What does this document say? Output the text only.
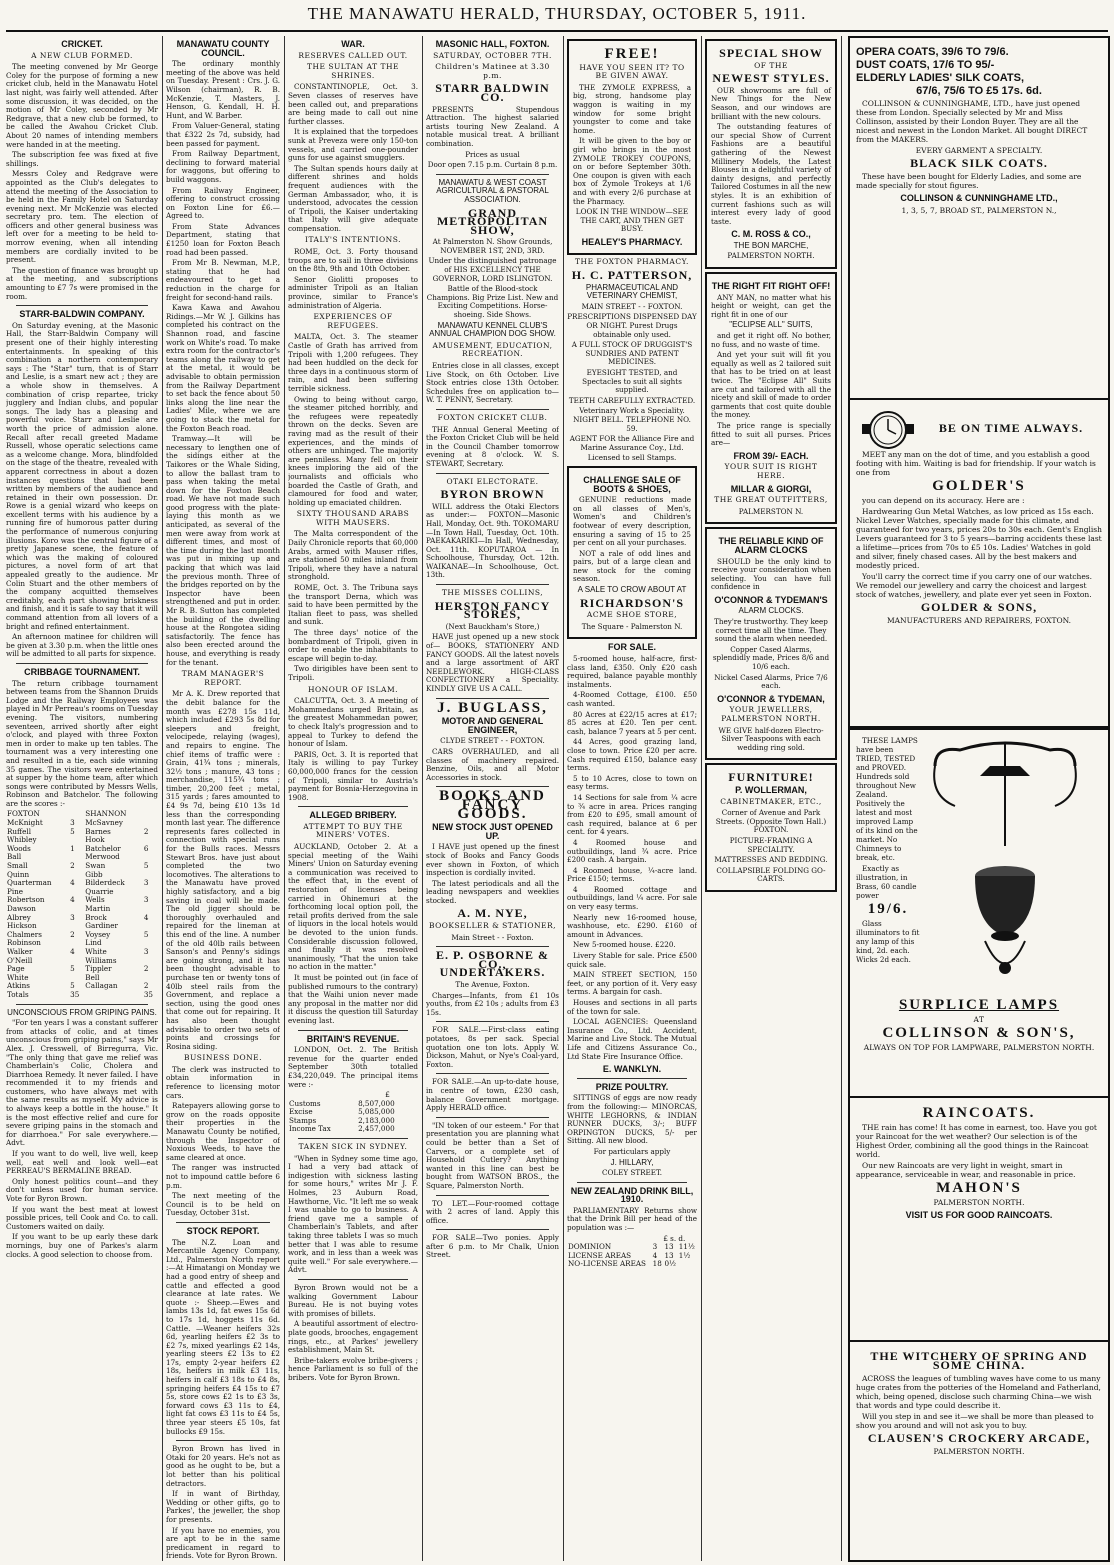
THE MANAWATU HERALD, THURSDAY, OCTOBER 5, 1911.
CRICKET.
A NEW CLUB FORMED.

The meeting convened by Mr George Coley for the purpose of forming a new cricket club, held in the Manawatu Hotel last night, was fairly well attended. After some discussion, it was decided, on the motion of Mr Coley, seconded by Mr Redgrave, that a new club be formed, to be called the Awahou Cricket Club. About 20 names of intending members were handed in at the meeting.

The subscription fee was fixed at five shillings.

Messrs Coley and Redgrave were appointed as the Club's delegates to attend the meeting of the Association to be held in the Family Hotel on Saturday evening next. Mr McKenzie was elected secretary pro. tem. The election of officers and other general business was left over for a meeting to be held to-morrow evening, when all intending members are cordially invited to be present.

The question of finance was brought up at the meeting, and subscriptions amounting to £7 7s were promised in the room.

STARR-BALDWIN COMPANY.

On Saturday evening, at the Masonic Hall, the Starr-Baldwin Company will present one of their highly interesting entertainments. In speaking of this combination a northern contemporary says : The "Star" turn, that is of Starr and Leslie, is a smart new act ; they are a whole show in themselves. A combination of crisp repartee, tricky jugglery and Indian clubs, and popular songs. The lady has a pleasing and powerful voice. Starr and Leslie are worth the price of admission alone. Recall after recall greeted Madame Russell, whose operatic selections came as a welcome change. Mora, blindfolded on the stage of the theatre, revealed with apparent correctness in about a dozen instances questions that had been written by members of the audience and retained in their own possession. Dr. Rowe is a genial wizard who keeps on excellent terms with his audience by a running fire of humorous patter during the performance of numerous conjuring illusions. Koro was the central figure of a pretty Japanese scene, the feature of which was the making of coloured pictures, a novel form of art that appealed greatly to the audience. Mr Colin Stuart and the other members of the company acquitted themselves creditably, each part showing briskness and finish, and it is safe to say that it will command attention from all lovers of a bright and refined entertainment.

An afternoon matinee for children will be given at 3.30 p.m. when the little ones will be admitted to all parts for sixpence.

CRIBBAGE TOURNAMENT.

The return cribbage tournament between teams from the Shannon Druids Lodge and the Railway Employees was played in Mr Perreau's rooms on Tuesday evening. The visitors, numbering seventeen, arrived shortly after eight o'clock, and played with three Foxton men in order to make up ten tables. The tournament was a very interesting one and resulted in a tie, each side winning 35 games. The visitors were entertained at supper by the home team, after which songs were contributed by Messrs Wells, Robinson and Batchelor. The following are the scores :-

FOXTON		SHANNON	
McKnight	3	McSavney	
Ruffell	5	Barnes	2
Whibley		Hook	
Woods	1	Batchelor	6
Ball		Merwood	
Small	2	Swan	5
Quinn		Gibb	
Quarterman	4	Bilderdeck	3
Pine		Quarrie	
Robertson	4	Wells	3
Dawson		Martin	
Albrey	3	Brock	4
Hickson		Gardiner	
Chalmers	2	Voysey	5
Robinson		Lind	
Walker	4	White	3
O'Neill		Williams	
Page	5	Tippler	2
White		Bell	
Atkins	5	Callagan	2
Totals	35		35
UNCONSCIOUS FROM GRIPING PAINS.

"For ten years I was a constant sufferer from attacks of colic, and at times unconscious from griping pains," says Mr Alex. J. Cresswell, of Birregurra, Vic. "The only thing that gave me relief was Chamberlain's Colic, Cholera and Diarrhoea Remedy. It never failed. I have recommended it to my friends and customers, who have always met with the same results as myself. My advice is to always keep a bottle in the house." It is the most effective relief and cure for severe griping pains in the stomach and for diarrhoea." For sale everywhere.—Advt.

If you want to do well, live well, keep well, eat well and look well—eat PERREAU'S BERMALINE BREAD.

Only honest politics count—and they don't unless used for human service. Vote for Byron Brown.

If you want the best meat at lowest possible prices, tell Cook and Co. to call. Customers waited on daily.

If you want to be up early these dark mornings, buy one of Parkes's alarm clocks. A good selection to choose from.

MANAWATU COUNTY COUNCIL.

The ordinary monthly meeting of the above was held on Tuesday. Present : Crs. J. G. Wilson (chairman), R. B. McKenzie, T. Masters, J. Henson, G. Kendall, H. H. Hunt, and W. Barber.

From Valuer-General, stating that £322 2s 7d, subsidy, had been passed for payment.

From Railway Department, declining to forward material for waggons, but offering to build waggons.

From Railway Engineer, offering to construct crossing on Foxton Line for £6.—Agreed to.

From State Advances Department, stating that £1250 loan for Foxton Beach road had been passed.

From Mr B. Newman, M.P., stating that he had endeavoured to get a reduction in the charge for freight for second-hand rails.

Kawa Kawa and Awahou Ridings.—Mr W. J. Gilkins has completed his contract on the Shannon road, and fascine work on White's road. To make extra room for the contractor's teams along the railway to get at the metal, it would be advisable to obtain permission from the Railway Department to set back the fence about 50 links along the line near the Ladies' Mile, where we are going to stack the metal for the Foxton Beach road.

Tramway.—It will be necessary to lengthen one of the sidings either at the Taikores or the Whale Siding, to allow the ballast tram to pass when taking the metal down for the Foxton Beach road. We have not made such good progress with the plate-laying this month as we anticipated, as several of the men were away from work at different times, and most of the time during the last month was put in mixing up and packing that which was laid the previous month. Three of the bridges reported on by the Inspector have been strengthened and put in order. Mr R. B. Sutton has completed the building of the dwelling house at the Rongotea siding satisfactorily. The fence has also been erected around the house, and everything is ready for the tenant.

TRAM MANAGER'S REPORT.

Mr A. K. Drew reported that the debit balance for the month was £278 15s 11d, which included £293 5s 8d for sleepers and freight, velocipede, relaying (wages), and repairs to engine. The chief items of traffic were : Grain, 41¾ tons ; minerals, 32½ tons ; manure, 43 tons ; merchandise, 115¾ tons ; timber, 20,200 feet ; metal, 315 yards ; fares amounted to £4 9s 7d, being £10 13s 1d less than the corresponding month last year. The difference represents fares collected in connection with special runs for the Bulls races. Messrs Stewart Bros. have just about completed the two locomotives. The alterations to the Manawatu have proved highly satisfactory, and a big saving in coal will be made. The old jigger should be thoroughly overhauled and repaired for the lineman at this end of the line. A number of the old 40lb rails between Sanson's and Penny's sidings are going strong, and it has been thought advisable to purchase ten or twenty tons of 40lb steel rails from the Government, and replace a section, using the good ones that come out for repairing. It has also been thought advisable to order two sets of points and crossings for Rosina siding.

BUSINESS DONE.

The clerk was instructed to obtain information in reference to licensing motor cars.

Ratepayers allowing gorse to grow on the roads opposite their properties in the Manawatu County be notified, through the Inspector of Noxious Weeds, to have the same cleared at once.

The ranger was instructed not to impound cattle before 6 p.m.

The next meeting of the Council is to be held on Tuesday, October 31st.

STOCK REPORT.

The N.Z. Loan and Mercantile Agency Company, Ltd., Palmerston North report :—At Himatangi on Monday we had a good entry of sheep and cattle and effected a good clearance at late rates. We quote :- Sheep.—Ewes and lambs 13s 1d, fat ewes 15s 6d to 17s 1d, hoggets 11s 6d. Cattle. —Weaner heifers 32s 6d, yearling heifers £2 3s to £2 7s, mixed yearlings £2 14s, yearling steers £2 13s to £2 17s, empty 2-year heifers £2 18s, heifers in milk £3 11s, heifers in calf £3 18s to £4 8s, springing heifers £4 15s to £7 5s, store cows £2 1s to £3 3s, forward cows £3 11s to £4, light fat cows £3 11s to £4 5s, three year steers £5 10s, fat bullocks £9 15s.

Byron Brown has lived in Otaki for 20 years. He's not as good as he ought to be, but a lot better than his political detractors.

If in want of Birthday, Wedding or other gifts, go to Parkes', the jeweller, the shop for presents.

If you have no enemies, you are apt to be in the same predicament in regard to friends. Vote for Byron Brown.

WAR.
RESERVES CALLED OUT.
THE SULTAN AT THE SHRINES.

CONSTANTINOPLE, Oct. 3. Seven classes of reserves have been called out, and preparations are being made to call out nine further classes.

It is explained that the torpedoes sunk at Preveza were only 150-ton vessels, and carried one-pounder guns for use against smugglers.

The Sultan spends hours daily at different shrines and holds frequent audiences with the German Ambassador, who, it is understood, advocates the cession of Tripoli, the Kaiser undertaking that Italy will give adequate compensation.

ITALY'S INTENTIONS.

ROME, Oct. 3. Forty thousand troops are to sail in three divisions on the 8th, 9th and 10th October.

Senor Giolitti proposes to administer Tripoli as an Italian province, similar to France's administration of Algeria.

EXPERIENCES OF REFUGEES.

MALTA, Oct. 3. The steamer Castle of Grath has arrived from Tripoli with 1,200 refugees. They had been huddled on the deck for three days in a continuous storm of rain, and had been suffering terrible sickness.

Owing to being without cargo, the steamer pitched horribly, and the refugees were repeatedly thrown on the decks. Seven are raving mad as the result of their experiences, and the minds of others are unhinged. The majority are penniless. Many fell on their knees imploring the aid of the journalists and officials who boarded the Castle of Grath, and clamoured for food and water, holding up emaciated children.

SIXTY THOUSAND ARABS WITH MAUSERS.

The Malta correspondent of the Daily Chronicle reports that 60,000 Arabs, armed with Mauser rifles, are stationed 50 miles inland from Tripoli, where they have a natural stronghold.

ROME, Oct. 3. The Tribuna says the transport Derna, which was said to have been permitted by the Italian fleet to pass, was shelled and sunk.

The three days' notice of the bombardment of Tripoli, given in order to enable the inhabitants to escape will begin to-day.

Two dirigibles have been sent to Tripoli.

HONOUR OF ISLAM.

CALCUTTA, Oct. 3. A meeting of Mohammedans urged Britain, as the greatest Mohammedan power, to check Italy's progression and to appeal to Turkey to defend the honour of Islam.

PARIS, Oct. 3. It is reported that Italy is willing to pay Turkey 60,000,000 francs for the cession of Tripoli, similar to Austria's payment for Bosnia-Herzegovina in 1908.

ALLEGED BRIBERY.
ATTEMPT TO BUY THE MINERS' VOTES.

AUCKLAND, October 2. At a special meeting of the Waihi Miners' Union on Saturday evening a communication was received to the effect that, in the event of restoration of licenses being carried in Ohinemuri at the forthcoming local option poll, the retail profits derived from the sale of liquors in the local hotels would be devoted to the union funds. Considerable discussion followed, and finally it was resolved unanimously, "That the union take no action in the matter."

It must be pointed out (in face of published rumours to the contrary) that the Waihi union never made any proposal in the matter nor did it discuss the question till Saturday evening last.

BRITAIN'S REVENUE.

LONDON, Oct. 2. The British revenue for the quarter ended September 30th totalled £34,220,049. The principal items were :-

	£
Customs	8,507,000
Excise	5,085,000
Stamps	2,183,000
Income Tax	2,457,000
TAKEN SICK IN SYDNEY.

"When in Sydney some time ago, I had a very bad attack of indigestion with sickness lasting for some hours," writes Mr J. F. Holmes, 23 Auburn Road, Hawthorne, Vic. "It left me so weak I was unable to go to business. A friend gave me a sample of Chamberlain's Tablets, and after taking three tablets I was so much better that I was able to resume work, and in less than a week was quite well." For sale everywhere.—Advt.

Byron Brown would not be a walking Government Labour Bureau. He is not buying votes with promises of billets.

A beautiful assortment of electro-plate goods, brooches, engagement rings, etc., at Parkes' jewellery establishment, Main St.

Bribe-takers evolve bribe-givers ; hence Parliament is so full of the bribers. Vote for Byron Brown.

MASONIC HALL, FOXTON.
SATURDAY, OCTOBER 7TH.
Children's Matinee at 3.30 p.m.
STARR BALDWIN CO.

PRESENTS Stupendous Attraction. The highest salaried artists touring New Zealand. A notable musical treat. A brilliant combination.

Prices as usual

Door open 7.15 p.m. Curtain 8 p.m.

MANAWATU & WEST COAST AGRICULTURAL & PASTORAL ASSOCIATION.
GRAND METROPOLITAN SHOW,

At Palmerston N. Show Grounds, NOVEMBER 1ST, 2ND, 3RD.

Under the distinguished patronage of HIS EXCELLENCY THE GOVERNOR, LORD ISLINGTON.

Battle of the Blood-stock Champions. Big Prize List. New and Exciting Competitions. Horse-shoeing. Side Shows.

MANAWATU KENNEL CLUB'S ANNUAL CHAMPION DOG SHOW.
AMUSEMENT, EDUCATION, RECREATION.

Entries close in all classes, except Live Stock, on 6th October. Live Stock entries close 13th October. Schedules free on application to— W. T. PENNY, Secretary.

FOXTON CRICKET CLUB.

THE Annual General Meeting of the Foxton Cricket Club will be held in the Council Chamber tomorrow evening at 8 o'clock. W. S. STEWART, Secretary.

OTAKI ELECTORATE.
BYRON BROWN

WILL address the Otaki Electors as under:— FOXTON—Masonic Hall, Monday, Oct. 9th. TOKOMARU—In Town Hall, Tuesday, Oct. 10th. PAEKAKARIKI—In Hall, Wednesday, Oct. 11th. KOPUTAROA — In Schoolhouse, Thursday, Oct. 12th. WAIKANAE—In Schoolhouse, Oct. 13th.

THE MISSES COLLINS,
HERSTON FANCY STORES,

(Next Bauckham's Store,)

HAVE just opened up a new stock of— BOOKS, STATIONERY AND FANCY GOODS. All the latest novels and a large assortment of ART NEEDLEWORK. HIGH-CLASS CONFECTIONERY a Speciality. KINDLY GIVE US A CALL.

J. BUGLASS,
MOTOR AND GENERAL ENGINEER,

CLYDE STREET - - FOXTON.

CARS OVERHAULED, and all classes of machinery repaired. Benzine, Oils, and all Motor Accessories in stock.

BOOKS AND FANCY GOODS.
NEW STOCK JUST OPENED UP.

I HAVE just opened up the finest stock of Books and Fancy Goods ever shown in Foxton, of which inspection is cordially invited.

The latest periodicals and all the leading newspapers and weeklies stocked.

A. M. NYE,
BOOKSELLER & STATIONER,

Main Street - - Foxton.

E. P. OSBORNE & CO., UNDERTAKERS.

The Avenue, Foxton.

Charges—Infants, from £1 10s youths, from £2 10s ; adults from £3 15s.

FOR SALE.—First-class eating potatoes, 8s per sack. Special quotation one ton lots. Apply W. Dickson, Mahut, or Nye's Coal-yard, Foxton.

FOR SALE.—An up-to-date house, in centre of town, £230 cash, balance Government mortgage. Apply HERALD office.

"IN token of our esteem." For that presentation you are planning what could be better than a Set of Carvers, or a complete set of Household Cutlery? Anything wanted in this line can best be bought from WATSON BROS., the Square, Palmerston North.

TO LET.—Four-roomed cottage with 2 acres of land. Apply this office.

FOR SALE—Two ponies. Apply after 6 p.m. to Mr Chalk, Union Street.

FREE!
HAVE YOU SEEN IT? TO BE GIVEN AWAY.

THE ZYMOLE EXPRESS, a big, strong, handsome play waggon is waiting in my window for some bright youngster to come and take home.

It will be given to the boy or girl who brings in the most ZYMOLE TROKEY COUPONS, on or before September 30th. One coupon is given with each box of Zymole Trokeys at 1/6 and with every 2/6 purchase at the Pharmacy.

LOOK IN THE WINDOW—SEE THE CART, AND THEN GET BUSY.

HEALEY'S PHARMACY.
THE FOXTON PHARMACY.
H. C. PATTERSON,
PHARMACEUTICAL AND VETERINARY CHEMIST,

MAIN STREET - - FOXTON.

PRESCRIPTIONS DISPENSED DAY OR NIGHT. Purest Drugs obtainable only used.

A FULL STOCK OF DRUGGIST'S SUNDRIES AND PATENT MEDICINES.

EYESIGHT TESTED, and Spectacles to suit all sights supplied.

TEETH CAREFULLY EXTRACTED.

Veterinary Work a Speciality. NIGHT BELL. TELEPHONE NO. 59.

AGENT FOR the Alliance Fire and Marine Assurance Coy., Ltd.

Licensed to sell Stamps.

CHALLENGE SALE OF BOOTS & SHOES,

GENUINE reductions made on all classes of Men's, Women's and Children's footwear of every description, ensuring a saving of 15 to 25 per cent on all your purchases.

NOT a rale of odd lines and pairs, but of a large clean and new stock for the coming season.

A SALE TO CROW ABOUT AT
RICHARDSON'S
ACME SHOE STORE,

The Square - Palmerston N.

FOR SALE.

5-roomed house, half-acre, first-class land, £350. Only £20 cash required, balance payable monthly instalments.

4-Roomed Cottage, £100. £50 cash wanted.

80 Acres at £22/15 acres at £17; 85 acres at £20. Ten per cent. cash, balance 7 years at 5 per cent.

44 Acres, good grazing land, close to town. Price £20 per acre. Cash required £150, balance easy terms.

5 to 10 Acres, close to town on easy terms.

14 Sections for sale from ¼ acre to ¾ acre in area. Prices ranging from £20 to £95, small amount of cash required, balance at 6 per cent. for 4 years.

4 Roomed house and outbuildings, land ¾ acre. Price £200 cash. A bargain.

4 Roomed house, ¼-acre land. Price £150; terms.

4 Roomed cottage and outbuildings, land ¼ acre. For sale on very easy terms.

Nearly new 16-roomed house, washhouse, etc. £290. £160 of amount in Advances.

New 5-roomed house. £220.

Livery Stable for sale. Price £500 quick sale.

MAIN STREET SECTION, 150 feet, or any portion of it. Very easy terms. A bargain for cash.

Houses and sections in all parts of the town for sale.

LOCAL AGENCIES: Queensland Insurance Co., Ltd. Accident, Marine and Live Stock. The Mutual Life and Citizens Assurance Co., Ltd State Fire Insurance Office.

E. WANKLYN.
PRIZE POULTRY.

SITTINGS of eggs are now ready from the following:— MINORCAS, WHITE LEGHORNS, & INDIAN RUNNER DUCKS, 3/-; BUFF ORPINGTON DUCKS, 5/- per Sitting. All new blood.

For particulars apply

J. HILLARY,

COLEY STREET.

NEW ZEALAND DRINK BILL, 1910.

PARLIAMENTARY Returns show that the Drink Bill per head of the population was :—

	£ s. d.		
DOMINION	3	13	11½
LICENSE AREAS	4	13	1½
NO-LICENSE AREAS	18	0½	
SPECIAL SHOW
OF THE
NEWEST STYLES.

OUR showrooms are full of New Things for the New Season, and our windows are brilliant with the new colours.

The outstanding features of our special Show of Current Fashions are a beautiful gathering of the Newest Millinery Models, the Latest Blouses in a delightful variety of dainty designs, and perfectly Tailored Costumes in all the new styles. It is an exhibition of current fashions such as will interest every lady of good taste.

C. M. ROSS & CO.,
THE BON MARCHE,

PALMERSTON NORTH.

THE RIGHT FIT RIGHT OFF!

ANY MAN, no matter what his height or weight, can get the right fit in one of our

"ECLIPSE ALL" SUITS,

and get it right off. No bother, no fuss, and no waste of time.

And yet your suit will fit you equally as well as 2 tailored suit that has to be tried on at least twice. The "Eclipse All" Suits are cut and tailored with all the nicety and skill of made to order garments that cost quite double the money.

The price range is specially fitted to suit all purses. Prices are—

FROM 39/- EACH.
YOUR SUIT IS RIGHT HERE.
MILLAR & GIORGI,
THE GREAT OUTFITTERS,

PALMERSTON N.

THE RELIABLE KIND OF ALARM CLOCKS

SHOULD be the only kind to receive your consideration when selecting. You can have full confidence in

O'CONNOR & TYDEMAN'S
ALARM CLOCKS.

They're trustworthy. They keep correct time all the time. They sound the alarm when needed.

Copper Cased Alarms, splendidly made, Prices 8/6 and 10/6 each.

Nickel Cased Alarms, Price 7/6 each.

O'CONNOR & TYDEMAN,
YOUR JEWELLERS, PALMERSTON NORTH.

WE GIVE half-dozen Electro-Silver Teaspoons with each wedding ring sold.

FURNITURE!
P. WOLLERMAN,
CABINETMAKER, ETC.,

Corner of Avenue and Park Streets. (Opposite Town Hall.) FOXTON.

PICTURE-FRAMING A SPECIALITY.

MATTRESSES AND BEDDING.

COLLAPSIBLE FOLDING GO-CARTS.

OPERA COATS, 39/6 TO 79/6.
DUST COATS, 17/6 TO 95/-
ELDERLY LADIES' SILK COATS,
67/6, 75/6 TO £5 17s. 6d.

COLLINSON & CUNNINGHAME, LTD., have just opened these from London. Specially selected by Mr and Miss Collinson, assisted by their London Buyer. They are all the nicest and newest in the London Market. All bought DIRECT from the MAKERS.

EVERY GARMENT A SPECIALTY.

BLACK SILK COATS.

These have been bought for Elderly Ladies, and some are made specially for stout figures.

COLLINSON & CUNNINGHAME LTD.,

1, 3, 5, 7, BROAD ST., PALMERSTON N.,

BE ON TIME ALWAYS.

MEET any man on the dot of time, and you establish a good footing with him. Waiting is bad for friendship. If your watch is one from

GOLDER'S

you can depend on its accuracy. Here are :

Hardwearing Gun Metal Watches, as low priced as 15s each. Nickel Lever Watches, specially made for this climate, and guaranteed for two years, prices 20s to 30s each. Gent's English Levers guaranteed for 3 to 5 years—barring accidents these last a lifetime—prices from 70s to £5 10s. Ladies' Watches in gold and silver, finely chased cases. All by the best makers and modestly priced.

You'll carry the correct time if you carry one of our watches. We remodel our jewellery and carry the choicest and largest stock of watches, jewellery, and plate ever yet seen in Foxton.

GOLDER & SONS,

MANUFACTURERS AND REPAIRERS, FOXTON.

THESE LAMPS have been TRIED, TESTED and PROVED. Hundreds sold throughout New Zealand. Positively the latest and most improved Lamp of its kind on the market. No Chimneys to break, etc.

Exactly as illustration, in Brass, 60 candle power

19/6.

Glass illuminators to fit any lamp of this kind, 2d. each. Wicks 2d each.

SURPLICE LAMPS
AT
COLLINSON & SON'S,

ALWAYS ON TOP FOR LAMPWARE, PALMERSTON NORTH.

RAINCOATS.

THE rain has come! It has come in earnest, too. Have you got your Raincoat for the wet weather? Our selection is of the Highest Order, combining all the good things in the Raincoat world.

Our new Raincoats are very light in weight, smart in appearance, serviceable in wear, and reasonable in price.

MAHON'S

PALMERSTON NORTH.

VISIT US FOR GOOD RAINCOATS.
THE WITCHERY OF SPRING AND SOME CHINA.

ACROSS the leagues of tumbling waves have come to us many huge crates from the potteries of the Homeland and Fatherland, which, being opened, disclose such charming China—we wish that words and type could describe it.

Will you step in and see it—we shall be more than pleased to show you around and will not ask you to buy.

CLAUSEN'S CROCKERY ARCADE,

PALMERSTON NORTH.
